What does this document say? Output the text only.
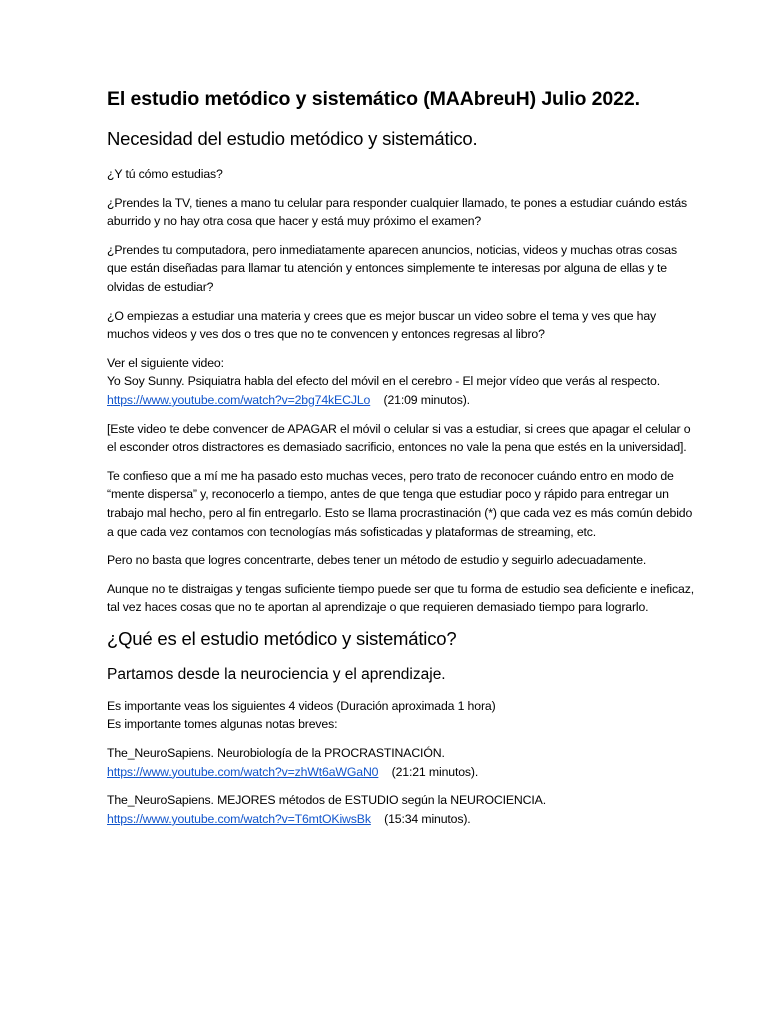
El estudio metódico y sistemático (MAAbreuH) Julio 2022.
Necesidad del estudio metódico y sistemático.

¿Y tú cómo estudias?

¿Prendes la TV, tienes a mano tu celular para responder cualquier llamado, te pones a estudiar cuándo estás aburrido y no hay otra cosa que hacer y está muy próximo el examen?

¿Prendes tu computadora, pero inmediatamente aparecen anuncios, noticias, videos y muchas otras cosas que están diseñadas para llamar tu atención y entonces simplemente te interesas por alguna de ellas y te olvidas de estudiar?

¿O empiezas a estudiar una materia y crees que es mejor buscar un video sobre el tema y ves que hay muchos videos y ves dos o tres que no te convencen y entonces regresas al libro?

Ver el siguiente video:
Yo Soy Sunny. Psiquiatra habla del efecto del móvil en el cerebro - El mejor vídeo que verás al respecto. https://www.youtube.com/watch?v=2bg74kECJLo (21:09 minutos).

[Este video te debe convencer de APAGAR el móvil o celular si vas a estudiar, si crees que apagar el celular o el esconder otros distractores es demasiado sacrificio, entonces no vale la pena que estés en la universidad].

Te confieso que a mí me ha pasado esto muchas veces, pero trato de reconocer cuándo entro en modo de “mente dispersa” y, reconocerlo a tiempo, antes de que tenga que estudiar poco y rápido para entregar un trabajo mal hecho, pero al fin entregarlo. Esto se llama procrastinación (*) que cada vez es más común debido a que cada vez contamos con tecnologías más sofisticadas y plataformas de streaming, etc.

Pero no basta que logres concentrarte, debes tener un método de estudio y seguirlo adecuadamente.

Aunque no te distraigas y tengas suficiente tiempo puede ser que tu forma de estudio sea deficiente e ineficaz, tal vez haces cosas que no te aportan al aprendizaje o que requieren demasiado tiempo para lograrlo.

¿Qué es el estudio metódico y sistemático?
Partamos desde la neurociencia y el aprendizaje.

Es importante veas los siguientes 4 videos (Duración aproximada 1 hora)
Es importante tomes algunas notas breves:

The_NeuroSapiens. Neurobiología de la PROCRASTINACIÓN.
https://www.youtube.com/watch?v=zhWt6aWGaN0 (21:21 minutos).

The_NeuroSapiens. MEJORES métodos de ESTUDIO según la NEUROCIENCIA.
https://www.youtube.com/watch?v=T6mtOKiwsBk (15:34 minutos).
